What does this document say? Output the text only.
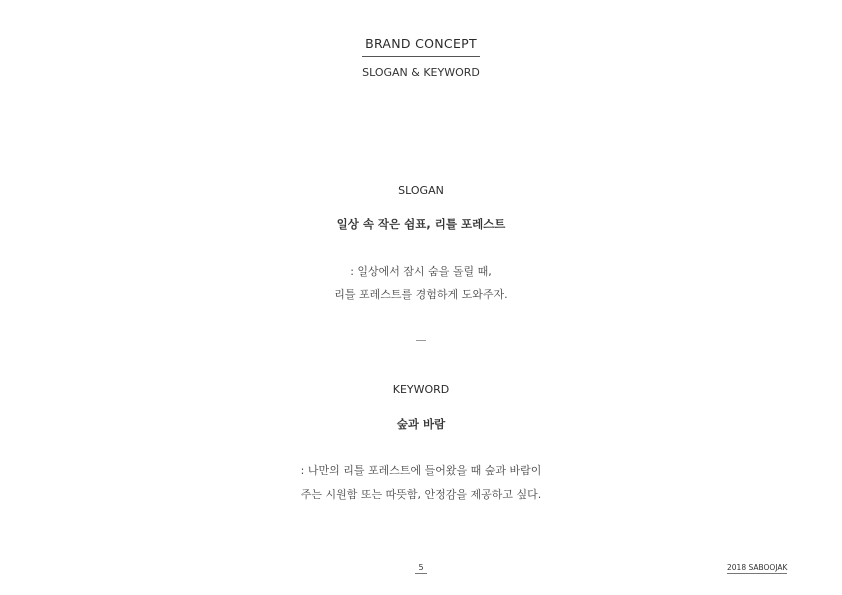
BRAND CONCEPT
SLOGAN & KEYWORD
SLOGAN
일상 속 작은 쉼표, 리틀 포레스트
: 일상에서 잠시 숨을 돌릴 때,
리틀 포레스트를 경험하게 도와주자.
KEYWORD
숲과 바람
: 나만의 리틀 포레스트에 들어왔을 때 숲과 바람이
주는 시원함 또는 따뜻함, 안정감을 제공하고 싶다.
5	2018 SABOOJAK
